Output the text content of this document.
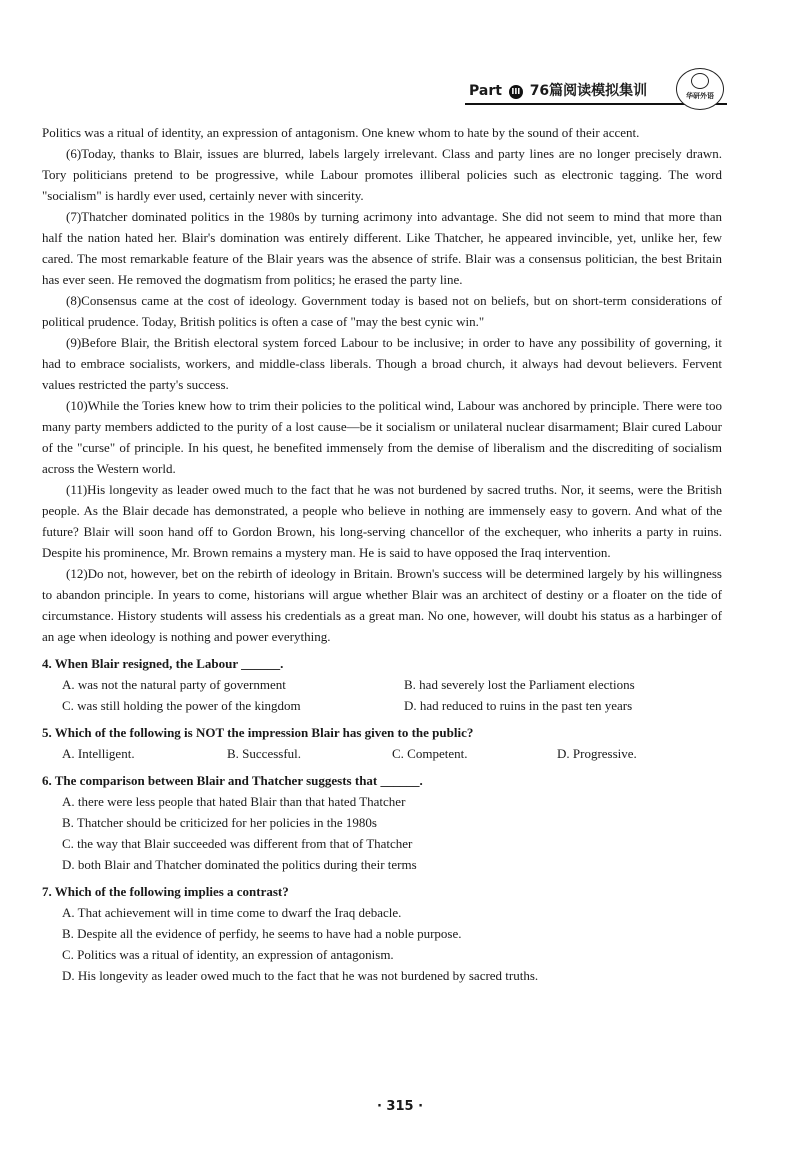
Part III 76篇阅读模拟集训	华研外语

Politics was a ritual of identity, an expression of antagonism. One knew whom to hate by the sound of their accent.

(6)Today, thanks to Blair, issues are blurred, labels largely irrelevant. Class and party lines are no longer precisely drawn. Tory politicians pretend to be progressive, while Labour promotes illiberal policies such as electronic tagging. The word "socialism" is hardly ever used, certainly never with sincerity.

(7)Thatcher dominated politics in the 1980s by turning acrimony into advantage. She did not seem to mind that more than half the nation hated her. Blair's domination was entirely different. Like Thatcher, he appeared invincible, yet, unlike her, few cared. The most remarkable feature of the Blair years was the absence of strife. Blair was a consensus politician, the best Britain has ever seen. He removed the dogmatism from politics; he erased the party line.

(8)Consensus came at the cost of ideology. Government today is based not on beliefs, but on short-term considerations of political prudence. Today, British politics is often a case of "may the best cynic win."

(9)Before Blair, the British electoral system forced Labour to be inclusive; in order to have any possibility of governing, it had to embrace socialists, workers, and middle-class liberals. Though a broad church, it always had devout believers. Fervent values restricted the party's success.

(10)While the Tories knew how to trim their policies to the political wind, Labour was anchored by principle. There were too many party members addicted to the purity of a lost cause—be it socialism or unilateral nuclear disarmament; Blair cured Labour of the "curse" of principle. In his quest, he benefited immensely from the demise of liberalism and the discrediting of socialism across the Western world.

(11)His longevity as leader owed much to the fact that he was not burdened by sacred truths. Nor, it seems, were the British people. As the Blair decade has demonstrated, a people who believe in nothing are immensely easy to govern. And what of the future? Blair will soon hand off to Gordon Brown, his long-serving chancellor of the exchequer, who inherits a party in ruins. Despite his prominence, Mr. Brown remains a mystery man. He is said to have opposed the Iraq intervention.

(12)Do not, however, bet on the rebirth of ideology in Britain. Brown's success will be determined largely by his willingness to abandon principle. In years to come, historians will argue whether Blair was an architect of destiny or a floater on the tide of circumstance. History students will assess his credentials as a great man. No one, however, will doubt his status as a harbinger of an age when ideology is nothing and power everything.

4. When Blair resigned, the Labour ______.

A. was not the natural party of government	B. had severely lost the Parliament elections
C. was still holding the power of the kingdom	D. had reduced to ruins in the past ten years

5. Which of the following is NOT the impression Blair has given to the public?

A. Intelligent.	B. Successful.	C. Competent.	D. Progressive.

6. The comparison between Blair and Thatcher suggests that ______.

A. there were less people that hated Blair than that hated Thatcher

B. Thatcher should be criticized for her policies in the 1980s

C. the way that Blair succeeded was different from that of Thatcher

D. both Blair and Thatcher dominated the politics during their terms

7. Which of the following implies a contrast?

A. That achievement will in time come to dwarf the Iraq debacle.

B. Despite all the evidence of perfidy, he seems to have had a noble purpose.

C. Politics was a ritual of identity, an expression of antagonism.

D. His longevity as leader owed much to the fact that he was not burdened by sacred truths.

· 315 ·
